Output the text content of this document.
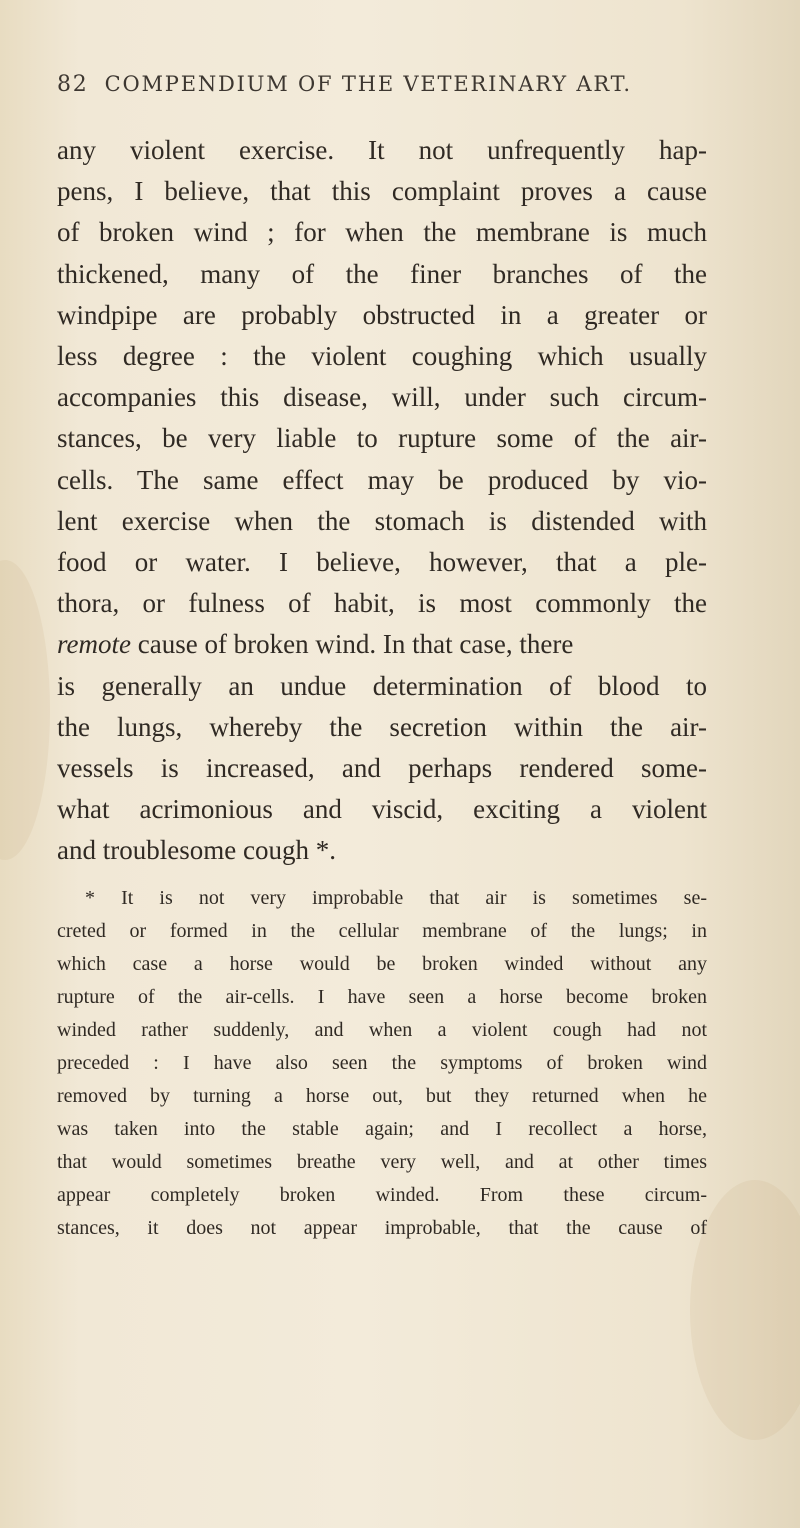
82 COMPENDIUM OF THE VETERINARY ART.
any violent exercise. It not unfrequently hap-
pens, I believe, that this complaint proves a cause
of broken wind ; for when the membrane is much
thickened, many of the finer branches of the
windpipe are probably obstructed in a greater or
less degree : the violent coughing which usually
accompanies this disease, will, under such circum-
stances, be very liable to rupture some of the air-
cells. The same effect may be produced by vio-
lent exercise when the stomach is distended with
food or water. I believe, however, that a ple-
thora, or fulness of habit, is most commonly the
remote cause of broken wind. In that case, there
is generally an undue determination of blood to
the lungs, whereby the secretion within the air-
vessels is increased, and perhaps rendered some-
what acrimonious and viscid, exciting a violent
and troublesome cough *.
* It is not very improbable that air is sometimes se-
creted or formed in the cellular membrane of the lungs; in
which case a horse would be broken winded without any
rupture of the air-cells. I have seen a horse become broken
winded rather suddenly, and when a violent cough had not
preceded : I have also seen the symptoms of broken wind
removed by turning a horse out, but they returned when he
was taken into the stable again; and I recollect a horse,
that would sometimes breathe very well, and at other times
appear completely broken winded. From these circum-
stances, it does not appear improbable, that the cause of
